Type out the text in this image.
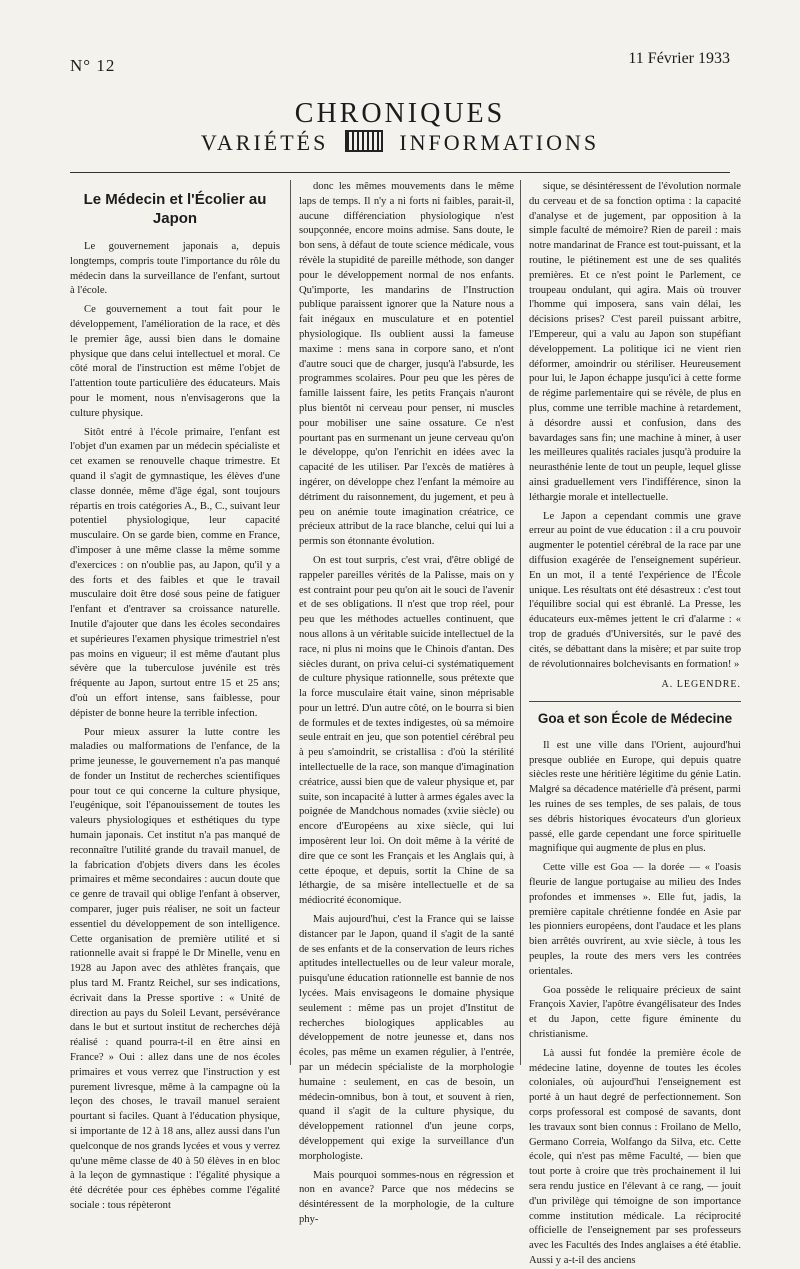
N° 12	11 Février 1933
CHRONIQUES
VARIÉTÉS	INFORMATIONS
Le Médecin et l'Écolier au Japon

Le gouvernement japonais a, depuis longtemps, compris toute l'importance du rôle du médecin dans la surveillance de l'enfant, surtout à l'école.

Ce gouvernement a tout fait pour le développement, l'amélioration de la race, et dès le premier âge, aussi bien dans le domaine physique que dans celui intellectuel et moral. Ce côté moral de l'instruction est même l'objet de l'attention toute particulière des éducateurs. Mais pour le moment, nous n'envisagerons que la culture physique.

Sitôt entré à l'école primaire, l'enfant est l'objet d'un examen par un médecin spécialiste et cet examen se renouvelle chaque trimestre. Et quand il s'agit de gymnastique, les élèves d'une classe donnée, même d'âge égal, sont toujours répartis en trois catégories A., B., C., suivant leur potentiel physiologique, leur capacité musculaire. On se garde bien, comme en France, d'imposer à une même classe la même somme d'exercices : on n'oublie pas, au Japon, qu'il y a des forts et des faibles et que le travail musculaire doit être dosé sous peine de fatiguer l'enfant et d'entraver sa croissance naturelle. Inutile d'ajouter que dans les écoles secondaires et supérieures l'examen physique trimestriel n'est pas moins en vigueur; il est même d'autant plus sévère que la tuberculose juvénile est très fréquente au Japon, surtout entre 15 et 25 ans; d'où un effort intense, sans faiblesse, pour dépister de bonne heure la terrible infection.

Pour mieux assurer la lutte contre les maladies ou malformations de l'enfance, de la prime jeunesse, le gouvernement n'a pas manqué de fonder un Institut de recherches scientifiques pour tout ce qui concerne la culture physique, l'eugénique, soit l'épanouissement de toutes les valeurs physiologiques et esthétiques du type humain japonais. Cet institut n'a pas manqué de reconnaître l'utilité grande du travail manuel, de la fabrication d'objets divers dans les écoles primaires et même secondaires : aucun doute que ce genre de travail qui oblige l'enfant à observer, comparer, juger puis réaliser, ne soit un facteur essentiel du développement de son intelligence. Cette organisation de première utilité et si rationnelle avait si frappé le Dr Minelle, venu en 1928 au Japon avec des athlètes français, que plus tard M. Frantz Reichel, sur ses indications, écrivait dans la Presse sportive : « Unité de direction au pays du Soleil Levant, persévérance dans le but et surtout institut de recherches déjà réalisé : quand pourra-t-il en être ainsi en France? » Oui : allez dans une de nos écoles primaires et vous verrez que l'instruction y est purement livresque, même à la campagne où la leçon des choses, le travail manuel seraient pourtant si faciles. Quant à l'éducation physique, si importante de 12 à 18 ans, allez aussi dans l'un quelconque de nos grands lycées et vous y verrez qu'une même classe de 40 à 50 élèves in en bloc à la leçon de gymnastique : l'égalité physique a été décrétée pour ces éphèbes comme l'égalité sociale : tous répèteront

donc les mêmes mouvements dans le même laps de temps. Il n'y a ni forts ni faibles, parait-il, aucune différenciation physiologique n'est soupçonnée, encore moins admise. Sans doute, le bon sens, à défaut de toute science médicale, vous révèle la stupidité de pareille méthode, son danger pour le développement normal de nos enfants. Qu'importe, les mandarins de l'Instruction publique paraissent ignorer que la Nature nous a fait inégaux en musculature et en potentiel physiologique. Ils oublient aussi la fameuse maxime : mens sana in corpore sano, et n'ont d'autre souci que de charger, jusqu'à l'absurde, les programmes scolaires. Pour peu que les pères de famille laissent faire, les petits Français n'auront plus bientôt ni cerveau pour penser, ni muscles pour mobiliser une saine ossature. Ce n'est pourtant pas en surmenant un jeune cerveau qu'on le développe, qu'on l'enrichit en idées avec la capacité de les utiliser. Par l'excès de matières à ingérer, on développe chez l'enfant la mémoire au détriment du raisonnement, du jugement, et peu à peu on anémie toute imagination créatrice, ce précieux attribut de la race blanche, celui qui lui a permis son étonnante évolution.

On est tout surpris, c'est vrai, d'être obligé de rappeler pareilles vérités de la Palisse, mais on y est contraint pour peu qu'on ait le souci de l'avenir et de ses obligations. Il n'est que trop réel, pour peu que les méthodes actuelles continuent, que nous allons à un véritable suicide intellectuel de la race, ni plus ni moins que le Chinois d'antan. Des siècles durant, on priva celui-ci systématiquement de culture physique rationnelle, sous prétexte que la force musculaire était vaine, sinon méprisable pour un lettré. D'un autre côté, on le bourra si bien de formules et de textes indigestes, où sa mémoire seule entrait en jeu, que son potentiel cérébral peu à peu s'amoindrit, se cristallisa : d'où la stérilité intellectuelle de la race, son manque d'imagination créatrice, aussi bien que de valeur physique et, par suite, son incapacité à lutter à armes égales avec la poignée de Mandchous nomades (xviie siècle) ou encore d'Européens au xixe siècle, qui lui imposèrent leur loi. On doit même à la vérité de dire que ce sont les Français et les Anglais qui, à cette époque, et depuis, sortit la Chine de sa léthargie, de sa misère intellectuelle et de sa médiocrité économique.

Mais aujourd'hui, c'est la France qui se laisse distancer par le Japon, quand il s'agit de la santé de ses enfants et de la conservation de leurs riches aptitudes intellectuelles ou de leur valeur morale, puisqu'une éducation rationnelle est bannie de nos lycées. Mais envisageons le domaine physique seulement : même pas un projet d'Institut de recherches biologiques applicables au développement de notre jeunesse et, dans nos écoles, pas même un examen régulier, à l'entrée, par un médecin spécialiste de la morphologie humaine : seulement, en cas de besoin, un médecin-omnibus, bon à tout, et souvent à rien, quand il s'agit de la culture physique, du développement rationnel d'un jeune corps, développement qui exige la surveillance d'un morphologiste.

Mais pourquoi sommes-nous en régression et non en avance? Parce que nos médecins se désintéressent de la morphologie, de la culture phy-

sique, se désintéressent de l'évolution normale du cerveau et de sa fonction optima : la capacité d'analyse et de jugement, par opposition à la simple faculté de mémoire? Rien de pareil : mais notre mandarinat de France est tout-puissant, et la routine, le piétinement est une de ses qualités premières. Et ce n'est point le Parlement, ce troupeau ondulant, qui agira. Mais où trouver l'homme qui imposera, sans vain délai, les décisions prises? C'est pareil puissant arbitre, l'Empereur, qui a valu au Japon son stupéfiant développement. La politique ici ne vient rien déformer, amoindrir ou stériliser. Heureusement pour lui, le Japon échappe jusqu'ici à cette forme de régime parlementaire qui se révèle, de plus en plus, comme une terrible machine à retardement, à désordre aussi et confusion, dans des bavardages sans fin; une machine à miner, à user les meilleures qualités raciales jusqu'à produire la neurasthénie lente de tout un peuple, lequel glisse ainsi graduellement vers l'indifférence, sinon la léthargie morale et intellectuelle.

Le Japon a cependant commis une grave erreur au point de vue éducation : il a cru pouvoir augmenter le potentiel cérébral de la race par une diffusion exagérée de l'enseignement supérieur. En un mot, il a tenté l'expérience de l'École unique. Les résultats ont été désastreux : c'est tout l'équilibre social qui est ébranlé. La Presse, les éducateurs eux-mêmes jettent le cri d'alarme : « trop de gradués d'Universités, sur le pavé des cités, se débattant dans la misère; et par suite trop de révolutionnaires bolchevisants en formation! »

A. LEGENDRE.
Goa et son École de Médecine

Il est une ville dans l'Orient, aujourd'hui presque oubliée en Europe, qui depuis quatre siècles reste une héritière légitime du génie Latin. Malgré sa décadence matérielle d'à présent, parmi les ruines de ses temples, de ses palais, de tous ses débris historiques évocateurs d'un glorieux passé, elle garde cependant une force spirituelle magnifique qui augmente de plus en plus.

Cette ville est Goa — la dorée — « l'oasis fleurie de langue portugaise au milieu des Indes profondes et immenses ». Elle fut, jadis, la première capitale chrétienne fondée en Asie par les pionniers européens, dont l'audace et les plans bien arrêtés ouvrirent, au xvie siècle, à tous les peuples, la route des mers vers les contrées orientales.

Goa possède le reliquaire précieux de saint François Xavier, l'apôtre évangélisateur des Indes et du Japon, cette figure éminente du christianisme.

Là aussi fut fondée la première école de médecine latine, doyenne de toutes les écoles coloniales, où aujourd'hui l'enseignement est porté à un haut degré de perfectionnement. Son corps professoral est composé de savants, dont les travaux sont bien connus : Froilano de Mello, Germano Correia, Wolfango da Silva, etc. Cette école, qui n'est pas même Faculté, — bien que tout porte à croire que très prochainement il lui sera rendu justice en l'élevant à ce rang, — jouit d'un privilège qui témoigne de son importance comme institution médicale. La réciprocité officielle de l'enseignement par ses professeurs avec les Facultés des Indes anglaises a été établie. Aussi y a-t-il des anciens
